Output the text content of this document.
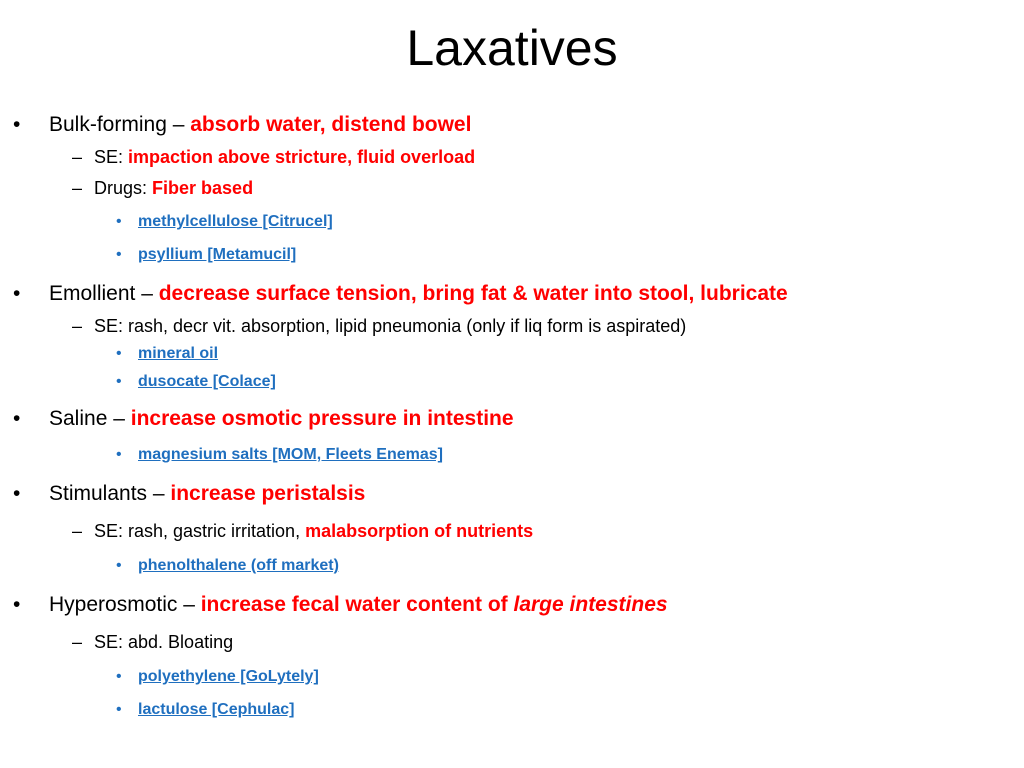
Laxatives
•	Bulk-forming – absorb water, distend bowel
– SE: impaction above stricture, fluid overload
– Drugs: Fiber based
•	methylcellulose [Citrucel]
•	psyllium [Metamucil]
•	Emollient – decrease surface tension, bring fat & water into stool, lubricate
– SE: rash, decr vit. absorption, lipid pneumonia (only if liq form is aspirated)
•	mineral oil
•	dusocate [Colace]
•	Saline – increase osmotic pressure in intestine
•	magnesium salts [MOM, Fleets Enemas]
•	Stimulants – increase peristalsis
– SE: rash, gastric irritation, malabsorption of nutrients
•	phenolthalene (off market)
•	Hyperosmotic – increase fecal water content of large intestines
– SE: abd. Bloating
•	polyethylene [GoLytely]
•	lactulose [Cephulac]
